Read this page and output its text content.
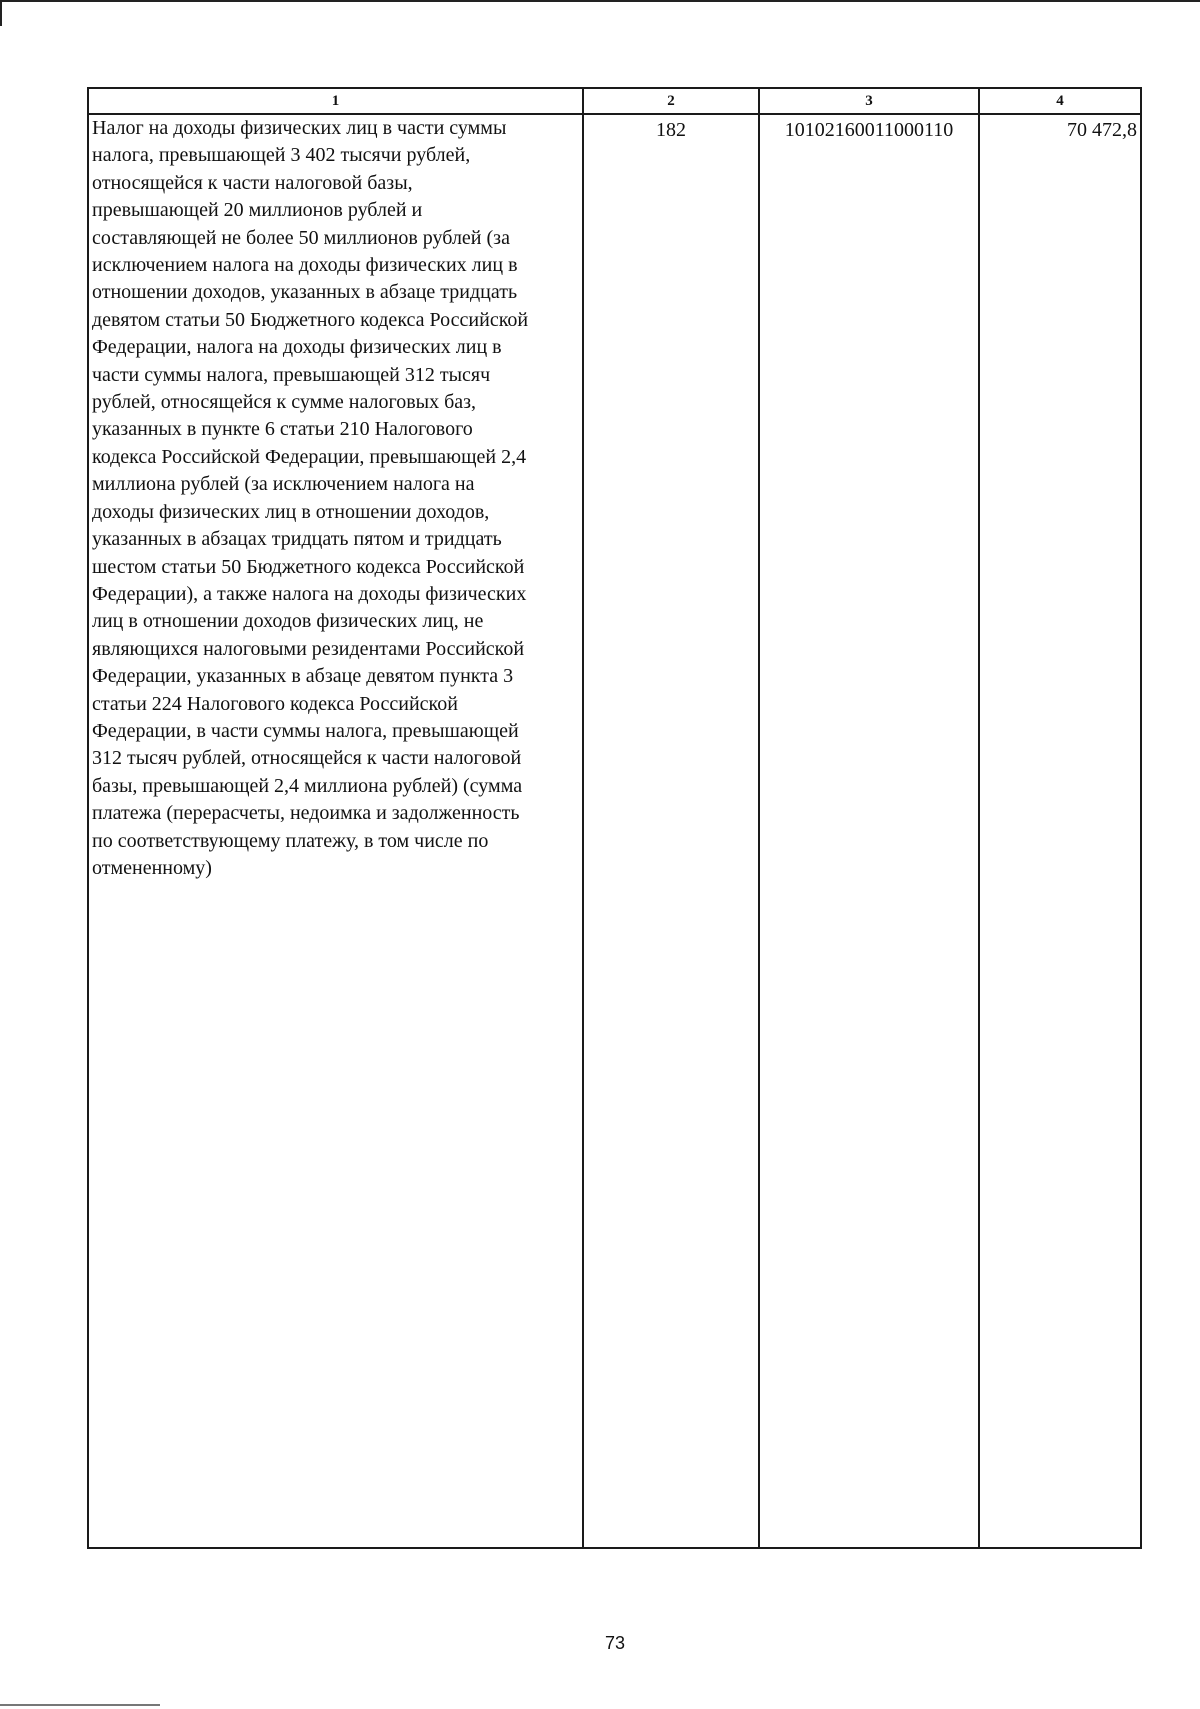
1	2	3	4
Налог на доходы физических лиц в части суммы
налога, превышающей 3 402 тысячи рублей,
относящейся к части налоговой базы,
превышающей 20 миллионов рублей и
составляющей не более 50 миллионов рублей (за
исключением налога на доходы физических лиц в
отношении доходов, указанных в абзаце тридцать
девятом статьи 50 Бюджетного кодекса Российской
Федерации, налога на доходы физических лиц в
части суммы налога, превышающей 312 тысяч
рублей, относящейся к сумме налоговых баз,
указанных в пункте 6 статьи 210 Налогового
кодекса Российской Федерации, превышающей 2,4
миллиона рублей (за исключением налога на
доходы физических лиц в отношении доходов,
указанных в абзацах тридцать пятом и тридцать
шестом статьи 50 Бюджетного кодекса Российской
Федерации), а также налога на доходы физических
лиц в отношении доходов физических лиц, не
являющихся налоговыми резидентами Российской
Федерации, указанных в абзаце девятом пункта 3
статьи 224 Налогового кодекса Российской
Федерации, в части суммы налога, превышающей
312 тысяч рублей, относящейся к части налоговой
базы, превышающей 2,4 миллиона рублей) (сумма
платежа (перерасчеты, недоимка и задолженность
по соответствующему платежу, в том числе по
отмененному)
182	10102160011000110	70 472,8
73
